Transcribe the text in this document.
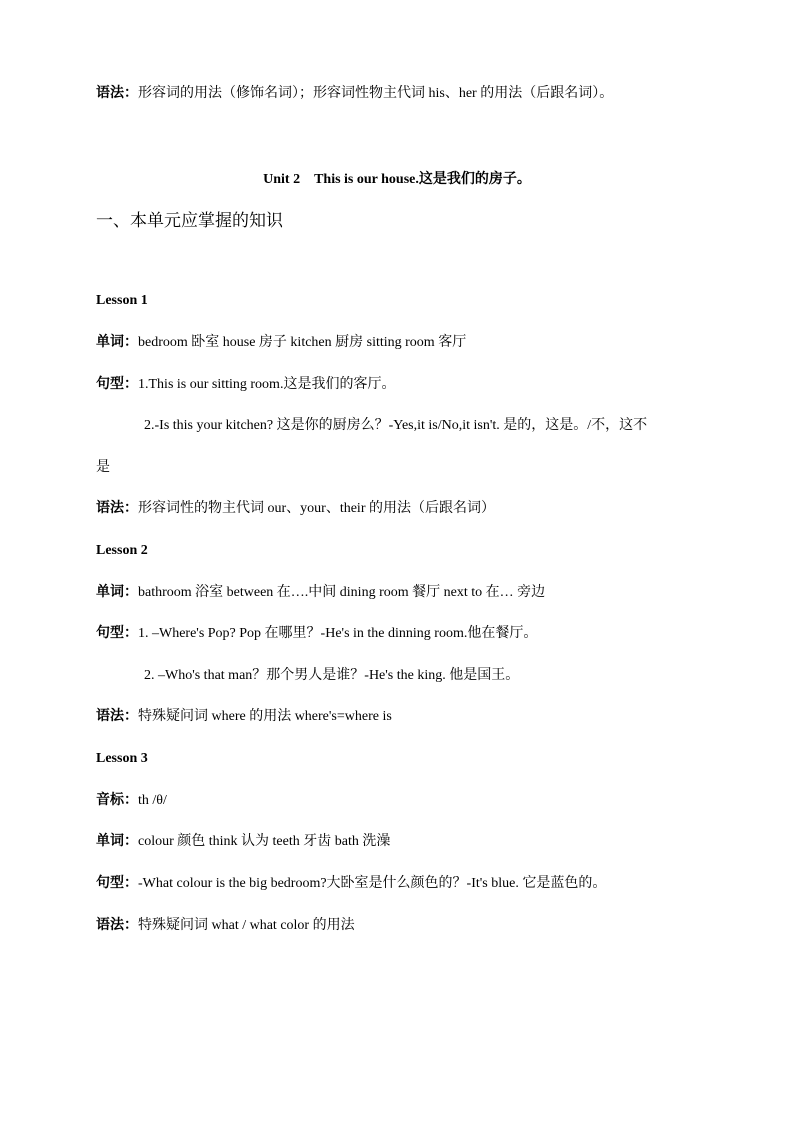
语法：形容词的用法（修饰名词）；形容词性物主代词 his、her 的用法（后跟名词）。
Unit 2　This is our house.这是我们的房子。
一、本单元应掌握的知识
Lesson 1
单词：bedroom 卧室 house 房子 kitchen 厨房 sitting room 客厅
句型：1.This is our sitting room.这是我们的客厅。
2.-Is this your kitchen? 这是你的厨房么？-Yes,it is/No,it isn't. 是的，这是。/不，这不
是
语法：形容词性的物主代词 our、your、their 的用法（后跟名词）
Lesson 2
单词：bathroom 浴室 between 在….中间 dining room 餐厅 next to 在… 旁边
句型：1. –Where's Pop? Pop 在哪里？-He's in the dinning room.他在餐厅。
2. –Who's that man？那个男人是谁？-He's the king. 他是国王。
语法：特殊疑问词 where 的用法 where's=where is
Lesson 3
音标：th /θ/
单词：colour 颜色 think 认为 teeth 牙齿 bath 洗澡
句型：-What colour is the big bedroom?大卧室是什么颜色的？-It's blue. 它是蓝色的。
语法：特殊疑问词 what / what color 的用法
